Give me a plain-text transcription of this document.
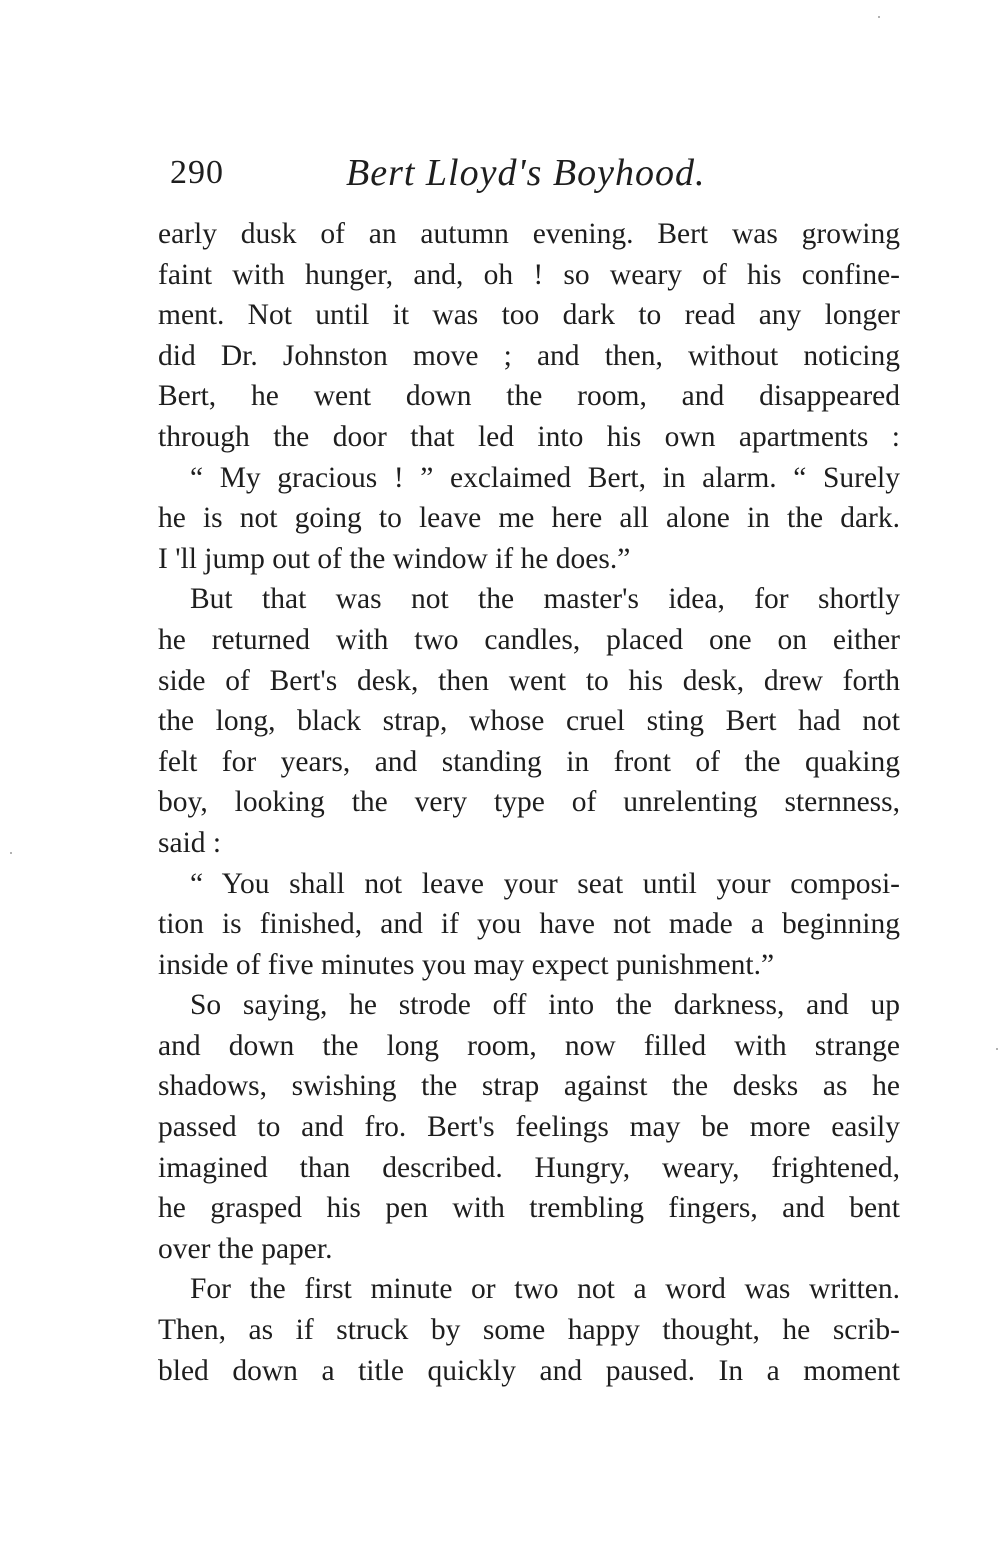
290	Bert Lloyd's Boyhood.
early dusk of an autumn evening. Bert was growing
faint with hunger, and, oh ! so weary of his confine-
ment. Not until it was too dark to read any longer
did Dr. Johnston move ; and then, without noticing
Bert, he went down the room, and disappeared
through the door that led into his own apartments :
“ My gracious ! ” exclaimed Bert, in alarm. “ Surely
he is not going to leave me here all alone in the dark.
I 'll jump out of the window if he does.”
But that was not the master's idea, for shortly
he returned with two candles, placed one on either
side of Bert's desk, then went to his desk, drew forth
the long, black strap, whose cruel sting Bert had not
felt for years, and standing in front of the quaking
boy, looking the very type of unrelenting sternness,
said :
“ You shall not leave your seat until your composi-
tion is finished, and if you have not made a beginning
inside of five minutes you may expect punishment.”
So saying, he strode off into the darkness, and up
and down the long room, now filled with strange
shadows, swishing the strap against the desks as he
passed to and fro. Bert's feelings may be more easily
imagined than described. Hungry, weary, frightened,
he grasped his pen with trembling fingers, and bent
over the paper.
For the first minute or two not a word was written.
Then, as if struck by some happy thought, he scrib-
bled down a title quickly and paused. In a moment
